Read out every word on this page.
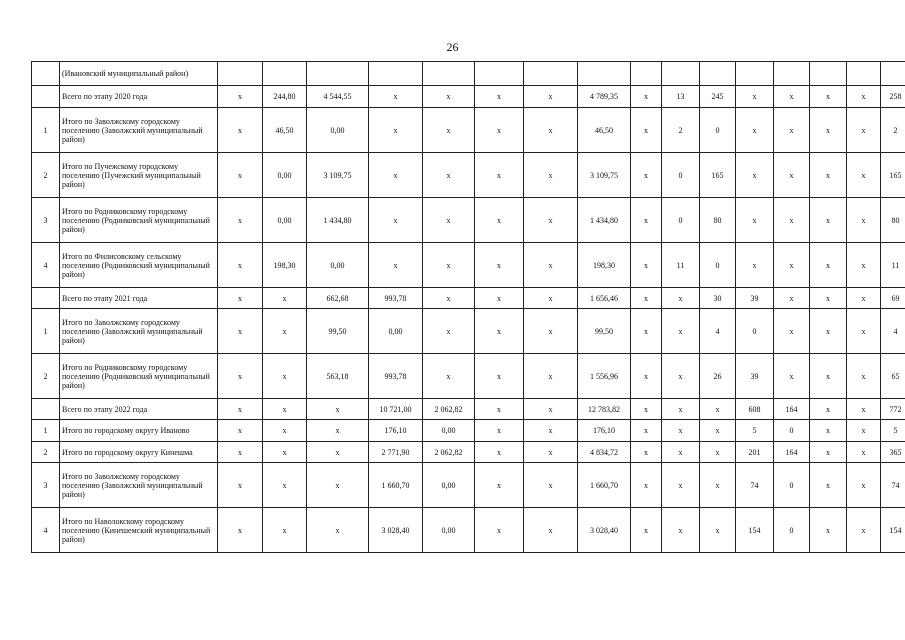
26
	(Ивановский муниципальный район)																
	Всего по этапу 2020 года	х	244,80	4 544,55	х	х	х	х	4 789,35	х	13	245	х	х	х	х	258
1	Итого по Заволжскому городскому поселению (Заволжский муниципальный район)	х	46,50	0,00	х	х	х	х	46,50	х	2	0	х	х	х	х	2
2	Итого по Пучежскому городскому поселению (Пучежский муниципальный район)	х	0,00	3 109,75	х	х	х	х	3 109,75	х	0	165	х	х	х	х	165
3	Итого по Родниковскому городскому поселению (Родниковский муниципальный район)	х	0,00	1 434,80	х	х	х	х	1 434,80	х	0	80	х	х	х	х	80
4	Итого по Филисовскому сельскому поселению (Родниковский муниципальный район)	х	198,30	0,00	х	х	х	х	198,30	х	11	0	х	х	х	х	11
	Всего по этапу 2021 года	х	х	662,68	993,78	х	х	х	1 656,46	х	х	30	39	х	х	х	69
1	Итого по Заволжскому городскому поселению (Заволжский муниципальный район)	х	х	99,50	0,00	х	х	х	99,50	х	х	4	0	х	х	х	4
2	Итого по Родниковскому городскому поселению (Родниковский муниципальный район)	х	х	563,18	993,78	х	х	х	1 556,96	х	х	26	39	х	х	х	65
	Всего по этапу 2022 года	х	х	х	10 721,00	2 062,82	х	х	12 783,82	х	х	х	608	164	х	х	772
1	Итого по городскому округу Иваново	х	х	х	176,10	0,00	х	х	176,10	х	х	х	5	0	х	х	5
2	Итого по городскому округу Кинешма	х	х	х	2 771,90	2 062,82	х	х	4 834,72	х	х	х	201	164	х	х	365
3	Итого по Заволжскому городскому поселению (Заволжский муниципальный район)	х	х	х	1 660,70	0,00	х	х	1 660,70	х	х	х	74	0	х	х	74
4	Итого по Наволокскому городскому поселению (Кинешемский муниципальный район)	х	х	х	3 028,40	0,00	х	х	3 028,40	х	х	х	154	0	х	х	154
